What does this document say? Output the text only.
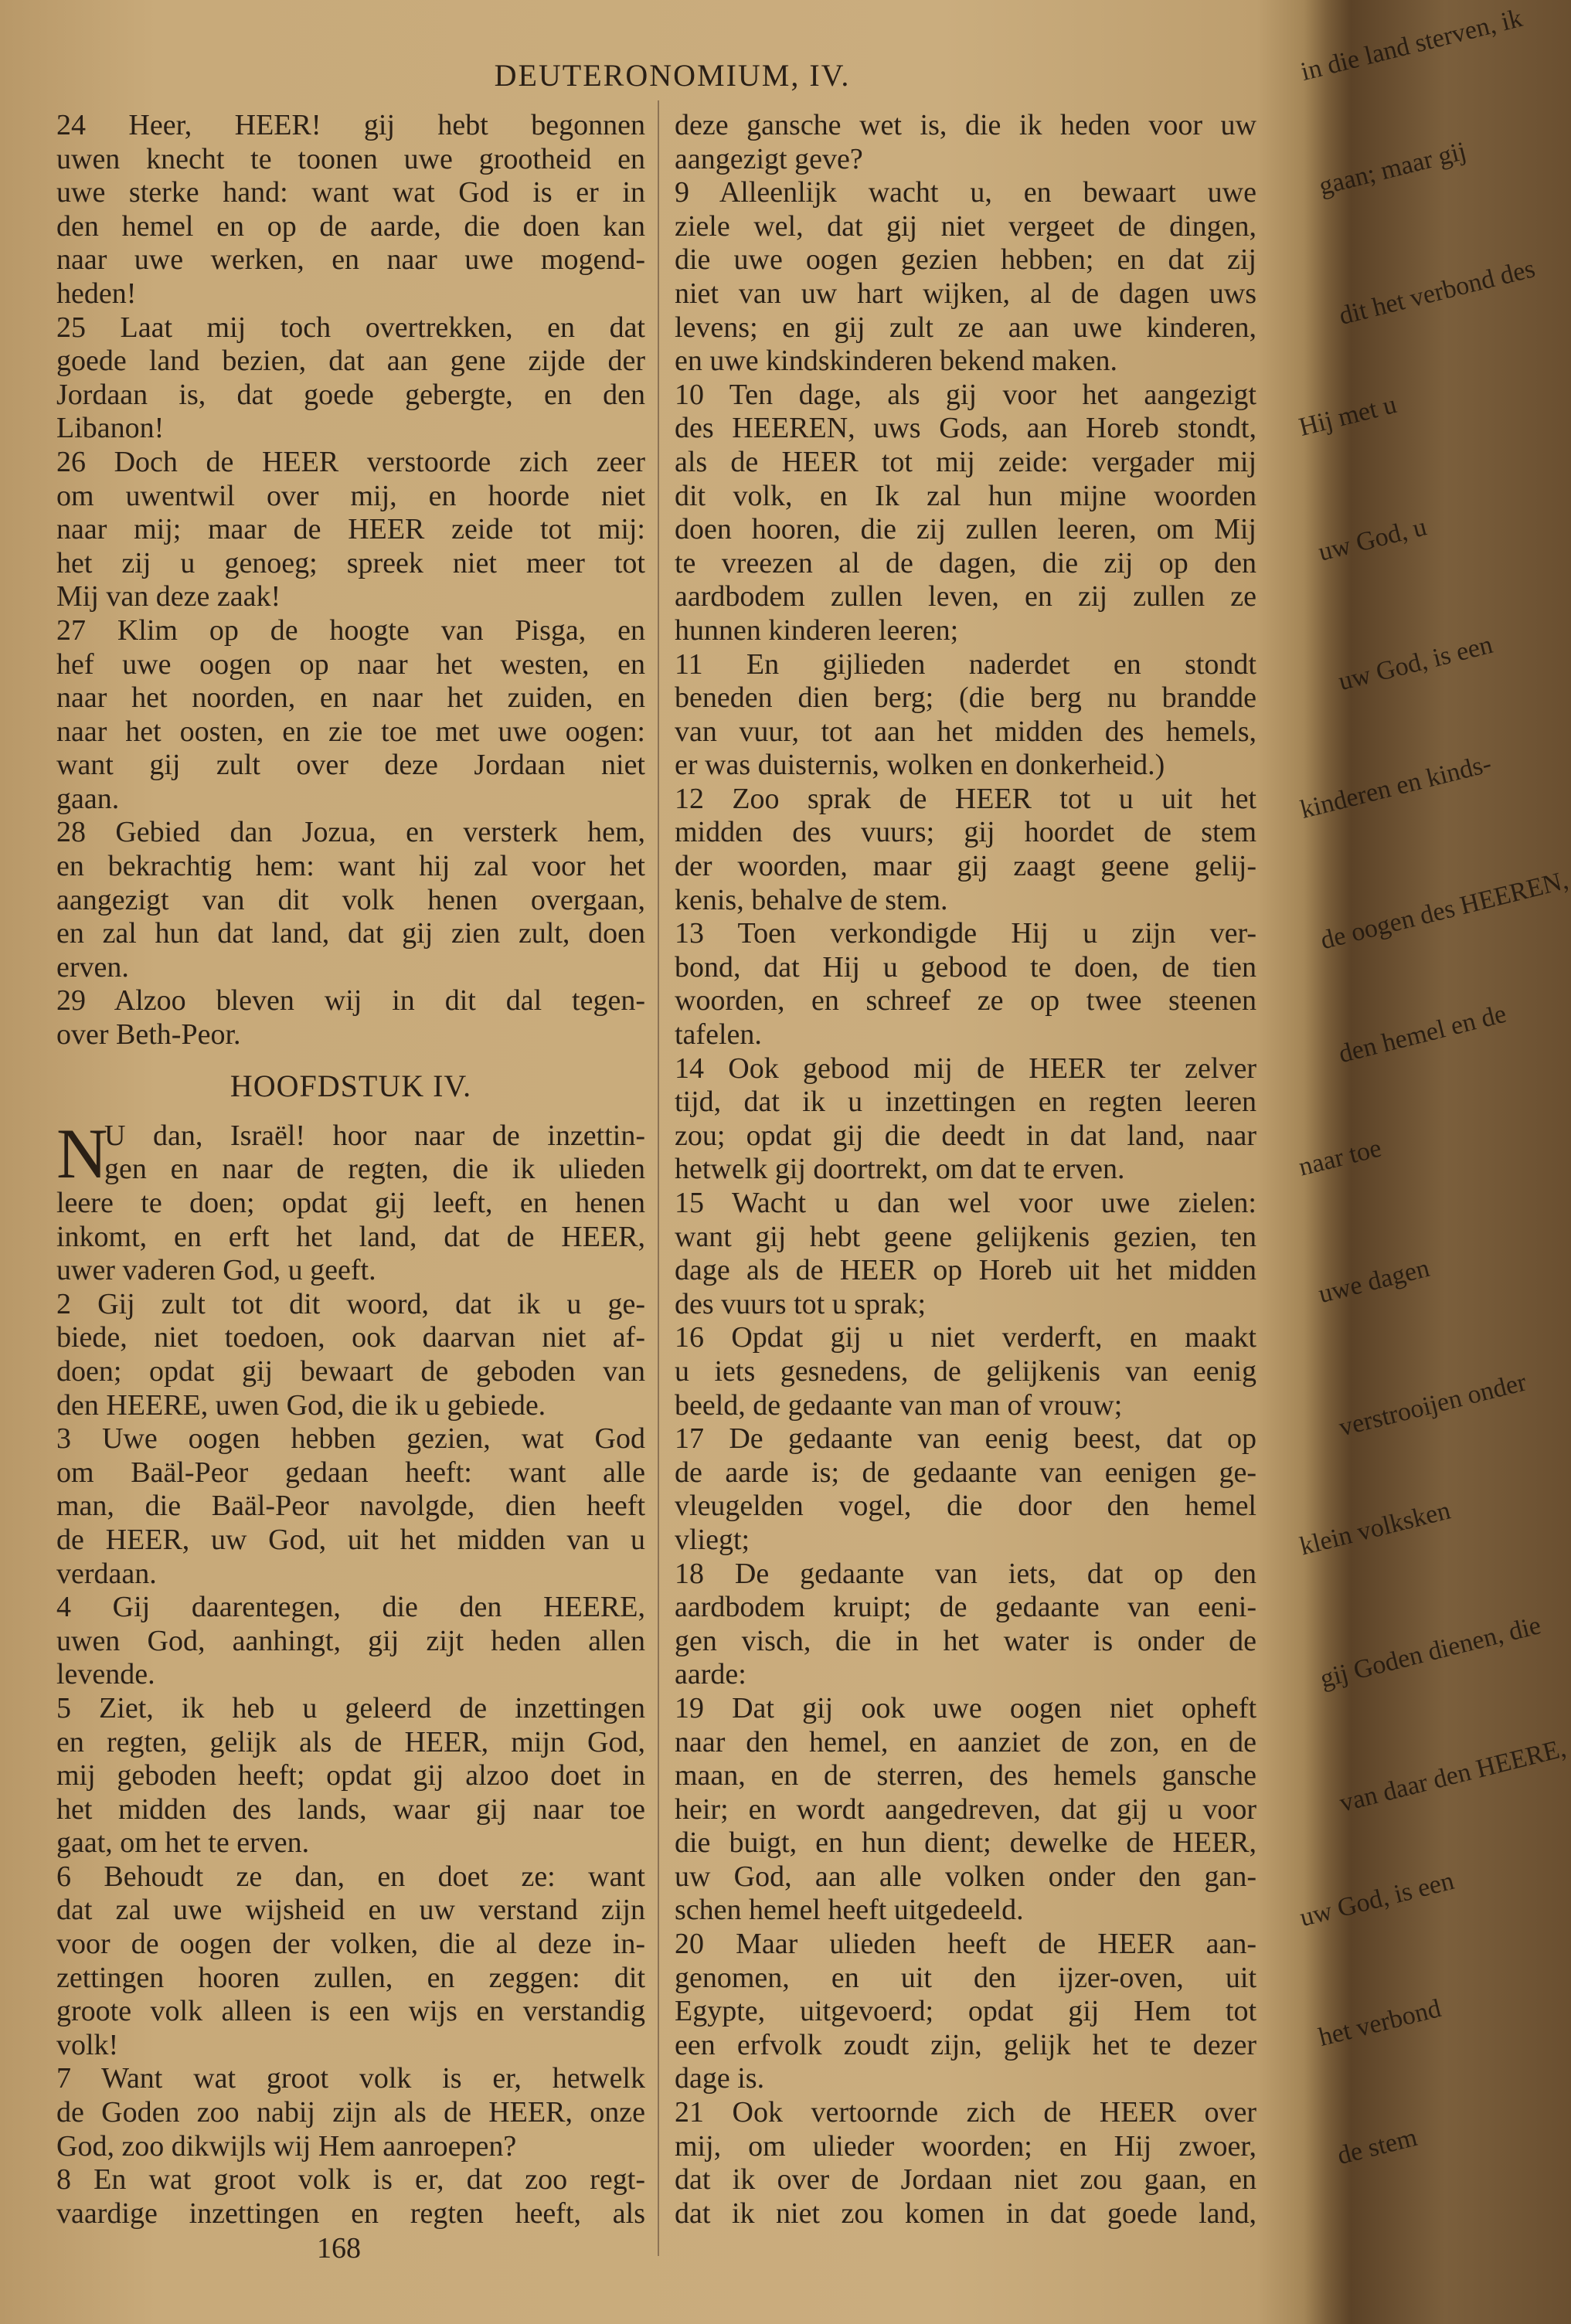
DEUTERONOMIUM, IV.
24 Heer, HEER! gij hebt begonnen
uwen knecht te toonen uwe grootheid en
uwe sterke hand: want wat God is er in
den hemel en op de aarde, die doen kan
naar uwe werken, en naar uwe mogend-
heden!
25 Laat mij toch overtrekken, en dat
goede land bezien, dat aan gene zijde der
Jordaan is, dat goede gebergte, en den
Libanon!
26 Doch de HEER verstoorde zich zeer
om uwentwil over mij, en hoorde niet
naar mij; maar de HEER zeide tot mij:
het zij u genoeg; spreek niet meer tot
Mij van deze zaak!
27 Klim op de hoogte van Pisga, en
hef uwe oogen op naar het westen, en
naar het noorden, en naar het zuiden, en
naar het oosten, en zie toe met uwe oogen:
want gij zult over deze Jordaan niet
gaan.
28 Gebied dan Jozua, en versterk hem,
en bekrachtig hem: want hij zal voor het
aangezigt van dit volk henen overgaan,
en zal hun dat land, dat gij zien zult, doen
erven.
29 Alzoo bleven wij in dit dal tegen-
over Beth-Peor.
HOOFDSTUK IV.
N
U dan, Israël! hoor naar de inzettin-
gen en naar de regten, die ik ulieden
leere te doen; opdat gij leeft, en henen
inkomt, en erft het land, dat de HEER,
uwer vaderen God, u geeft.
2 Gij zult tot dit woord, dat ik u ge-
biede, niet toedoen, ook daarvan niet af-
doen; opdat gij bewaart de geboden van
den HEERE, uwen God, die ik u gebiede.
3 Uwe oogen hebben gezien, wat God
om Baäl-Peor gedaan heeft: want alle
man, die Baäl-Peor navolgde, dien heeft
de HEER, uw God, uit het midden van u
verdaan.
4 Gij daarentegen, die den HEERE,
uwen God, aanhingt, gij zijt heden allen
levende.
5 Ziet, ik heb u geleerd de inzettingen
en regten, gelijk als de HEER, mijn God,
mij geboden heeft; opdat gij alzoo doet in
het midden des lands, waar gij naar toe
gaat, om het te erven.
6 Behoudt ze dan, en doet ze: want
dat zal uwe wijsheid en uw verstand zijn
voor de oogen der volken, die al deze in-
zettingen hooren zullen, en zeggen: dit
groote volk alleen is een wijs en verstandig
volk!
7 Want wat groot volk is er, hetwelk
de Goden zoo nabij zijn als de HEER, onze
God, zoo dikwijls wij Hem aanroepen?
8 En wat groot volk is er, dat zoo regt-
vaardige inzettingen en regten heeft, als
deze gansche wet is, die ik heden voor uw
aangezigt geve?
9 Alleenlijk wacht u, en bewaart uwe
ziele wel, dat gij niet vergeet de dingen,
die uwe oogen gezien hebben; en dat zij
niet van uw hart wijken, al de dagen uws
levens; en gij zult ze aan uwe kinderen,
en uwe kindskinderen bekend maken.
10 Ten dage, als gij voor het aangezigt
des HEEREN, uws Gods, aan Horeb stondt,
als de HEER tot mij zeide: vergader mij
dit volk, en Ik zal hun mijne woorden
doen hooren, die zij zullen leeren, om Mij
te vreezen al de dagen, die zij op den
aardbodem zullen leven, en zij zullen ze
hunnen kinderen leeren;
11 En gijlieden naderdet en stondt
beneden dien berg; (die berg nu brandde
van vuur, tot aan het midden des hemels,
er was duisternis, wolken en donkerheid.)
12 Zoo sprak de HEER tot u uit het
midden des vuurs; gij hoordet de stem
der woorden, maar gij zaagt geene gelij-
kenis, behalve de stem.
13 Toen verkondigde Hij u zijn ver-
bond, dat Hij u gebood te doen, de tien
woorden, en schreef ze op twee steenen
tafelen.
14 Ook gebood mij de HEER ter zelver
tijd, dat ik u inzettingen en regten leeren
zou; opdat gij die deedt in dat land, naar
hetwelk gij doortrekt, om dat te erven.
15 Wacht u dan wel voor uwe zielen:
want gij hebt geene gelijkenis gezien, ten
dage als de HEER op Horeb uit het midden
des vuurs tot u sprak;
16 Opdat gij u niet verderft, en maakt
u iets gesnedens, de gelijkenis van eenig
beeld, de gedaante van man of vrouw;
17 De gedaante van eenig beest, dat op
de aarde is; de gedaante van eenigen ge-
vleugelden vogel, die door den hemel
vliegt;
18 De gedaante van iets, dat op den
aardbodem kruipt; de gedaante van eeni-
gen visch, die in het water is onder de
aarde:
19 Dat gij ook uwe oogen niet opheft
naar den hemel, en aanziet de zon, en de
maan, en de sterren, des hemels gansche
heir; en wordt aangedreven, dat gij u voor
die buigt, en hun dient; dewelke de HEER,
uw God, aan alle volken onder den gan-
schen hemel heeft uitgedeeld.
20 Maar ulieden heeft de HEER aan-
genomen, en uit den ijzer-oven, uit
Egypte, uitgevoerd; opdat gij Hem tot
een erfvolk zoudt zijn, gelijk het te dezer
dage is.
21 Ook vertoornde zich de HEER over
mij, om ulieder woorden; en Hij zwoer,
dat ik over de Jordaan niet zou gaan, en
dat ik niet zou komen in dat goede land,
168
in die land sterven, ik
gaan; maar gij
dit het verbond des
Hij met u
uw God, u
uw God, is een
kinderen en kinds-
de oogen des HEEREN,
den hemel en de
naar toe
uwe dagen
verstrooijen onder
klein volksken
gij Goden dienen, die
van daar den HEERE,
uw God, is een
het verbond
de stem
